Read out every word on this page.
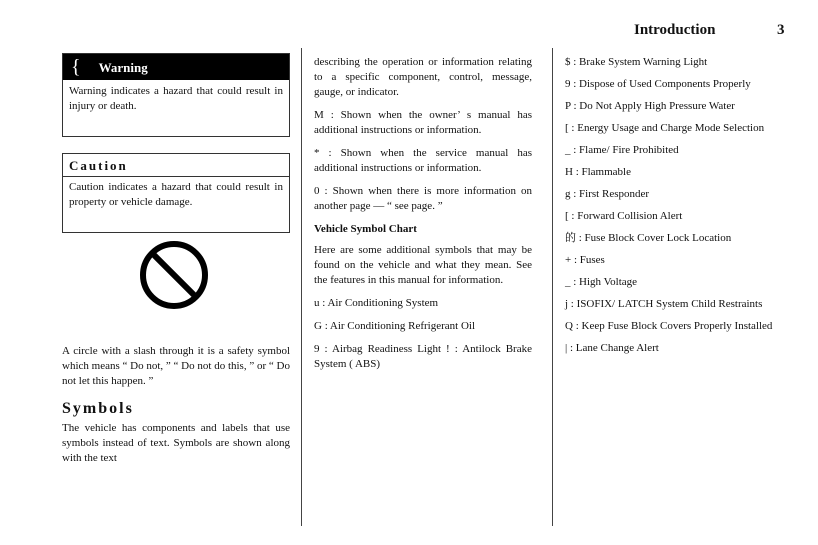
Introduction	3
{ Warning

Warning indicates a hazard that could result in injury or death.

Caution

Caution indicates a hazard that could result in property or vehicle damage.

A circle with a slash through it is a safety symbol which means “ Do not, ” “ Do not do this, ” or “ Do not let this happen. ”

Symbols

The vehicle has components and labels that use symbols instead of text. Symbols are shown along with the text

describing the operation or information relating to a specific component, control, message, gauge, or indicator.

M : Shown when the owner’ s manual has additional instructions or information.

* : Shown when the service manual has additional instructions or information.

0 : Shown when there is more information on another page — “ see page. ”

Vehicle Symbol Chart

Here are some additional symbols that may be found on the vehicle and what they mean. See the features in this manual for information.

u : Air Conditioning System

G : Air Conditioning Refrigerant Oil

9 : Airbag Readiness Light ! : Antilock Brake System ( ABS)

$ : Brake System Warning Light

9 : Dispose of Used Components Properly

P : Do Not Apply High Pressure Water

[ : Energy Usage and Charge Mode Selection

_ : Flame/ Fire Prohibited

H : Flammable

g : First Responder

[ : Forward Collision Alert

的 : Fuse Block Cover Lock Location

+ : Fuses

_ : High Voltage

j : ISOFIX/ LATCH System Child Restraints

Q : Keep Fuse Block Covers Properly Installed

| : Lane Change Alert
